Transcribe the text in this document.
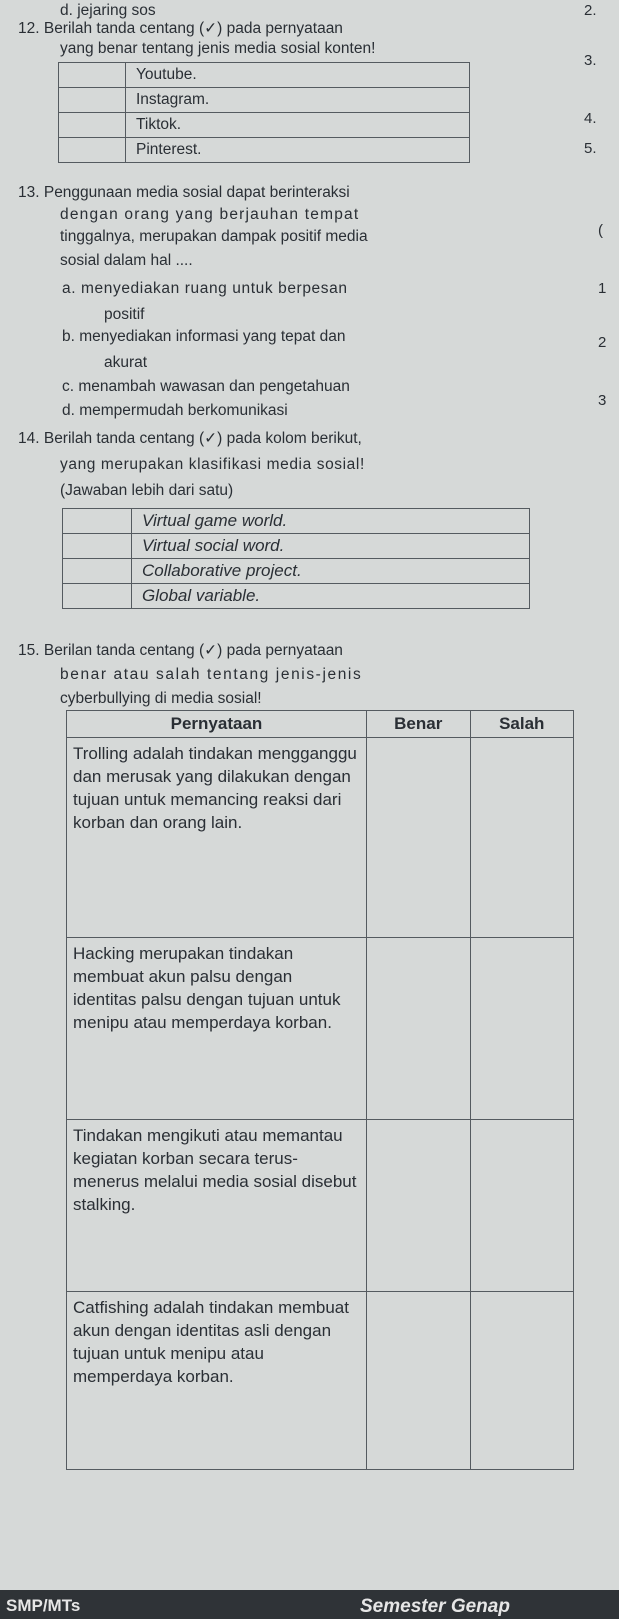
d. jejaring sos
12. Berilah tanda centang (✓) pada pernyataan
yang benar tentang jenis media sosial konten!
	Youtube.
	Instagram.
	Tiktok.
	Pinterest.
13. Penggunaan media sosial dapat berinteraksi
dengan orang yang berjauhan tempat
tinggalnya, merupakan dampak positif media
sosial dalam hal ....
a. menyediakan ruang untuk berpesan
positif
b. menyediakan informasi yang tepat dan
akurat
c. menambah wawasan dan pengetahuan
d. mempermudah berkomunikasi
14. Berilah tanda centang (✓) pada kolom berikut,
yang merupakan klasifikasi media sosial!
(Jawaban lebih dari satu)
	Virtual game world.
	Virtual social word.
	Collaborative project.
	Global variable.
15. Berilan tanda centang (✓) pada pernyataan
benar atau salah tentang jenis-jenis
cyberbullying di media sosial!
Pernyataan	Benar	Salah
Trolling adalah tindakan mengganggu dan merusak yang dilakukan dengan tujuan untuk memancing reaksi dari korban dan orang lain.		
Hacking merupakan tindakan membuat akun palsu dengan identitas palsu dengan tujuan untuk menipu atau memperdaya korban.		
Tindakan mengikuti atau memantau kegiatan korban secara terus-menerus melalui media sosial disebut stalking.		
Catfishing adalah tindakan membuat akun dengan identitas asli dengan tujuan untuk menipu atau memperdaya korban.		
2.
3.
4.
5.
(
1
2
3
SMP/MTs	Semester Genap
